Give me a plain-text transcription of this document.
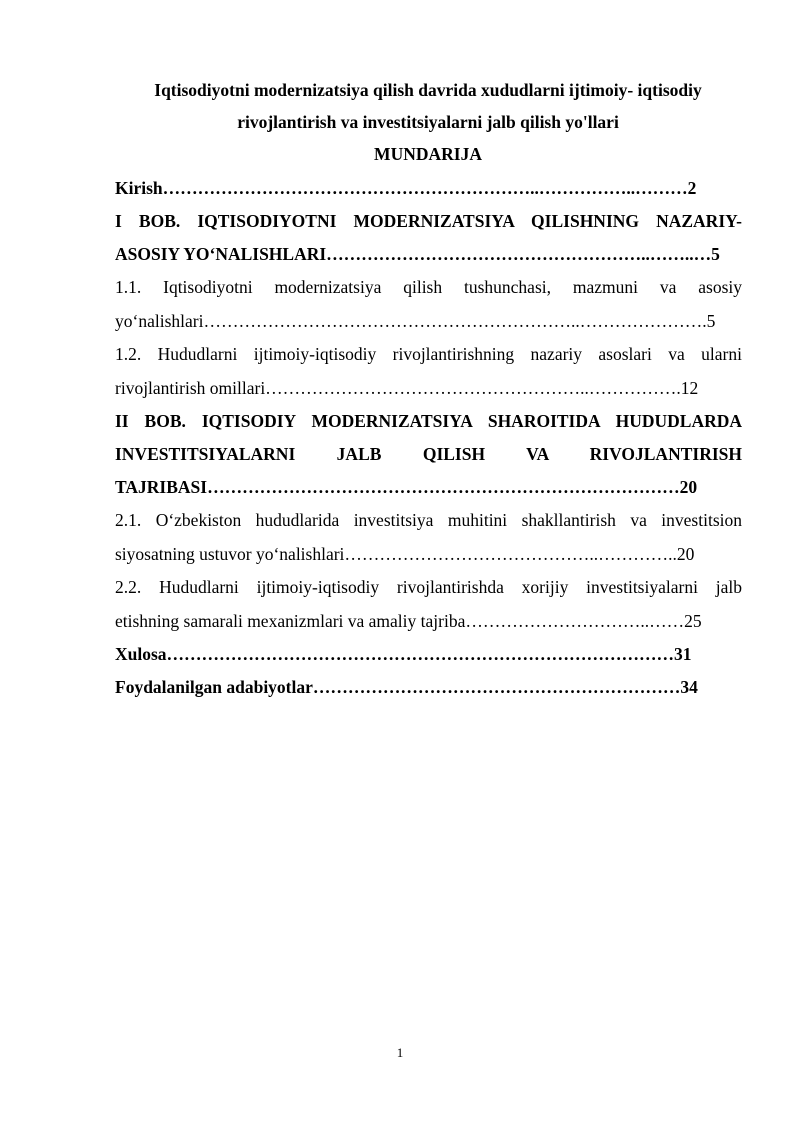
Iqtisodiyotni modernizatsiya qilish davrida xududlarni ijtimoiy- iqtisodiy
rivojlantirish va investitsiyalarni jalb qilish yo'llari
MUNDARIJA
Kirish………………………………………………………..……………..………2
I BOB. IQTISODIYOTNI MODERNIZATSIYA QILISHNING NAZARIY-
ASOSIY YO‘NALISHLARI………………………………………………..……..…5
1.1. Iqtisodiyotni modernizatsiya qilish tushunchasi, mazmuni va asosiy
yo‘nalishlari………………………………………………………..………………….5
1.2. Hududlarni ijtimoiy-iqtisodiy rivojlantirishning nazariy asoslari va ularni
rivojlantirish omillari………………………………………………..…………….12
II BOB. IQTISODIY MODERNIZATSIYA SHAROITIDA HUDUDLARDA
INVESTITSIYALARNI JALB QILISH VA RIVOJLANTIRISH
TAJRIBASI………………………………………………………………………20
2.1. O‘zbekiston hududlarida investitsiya muhitini shakllantirish va investitsion
siyosatning ustuvor yo‘nalishlari……………………………………..…………..20
2.2. Hududlarni ijtimoiy-iqtisodiy rivojlantirishda xorijiy investitsiyalarni jalb
etishning samarali mexanizmlari va amaliy tajriba…………………………..……25
Xulosa……………………………………………………………………………31
Foydalanilgan adabiyotlar………………………………………………………34
1
